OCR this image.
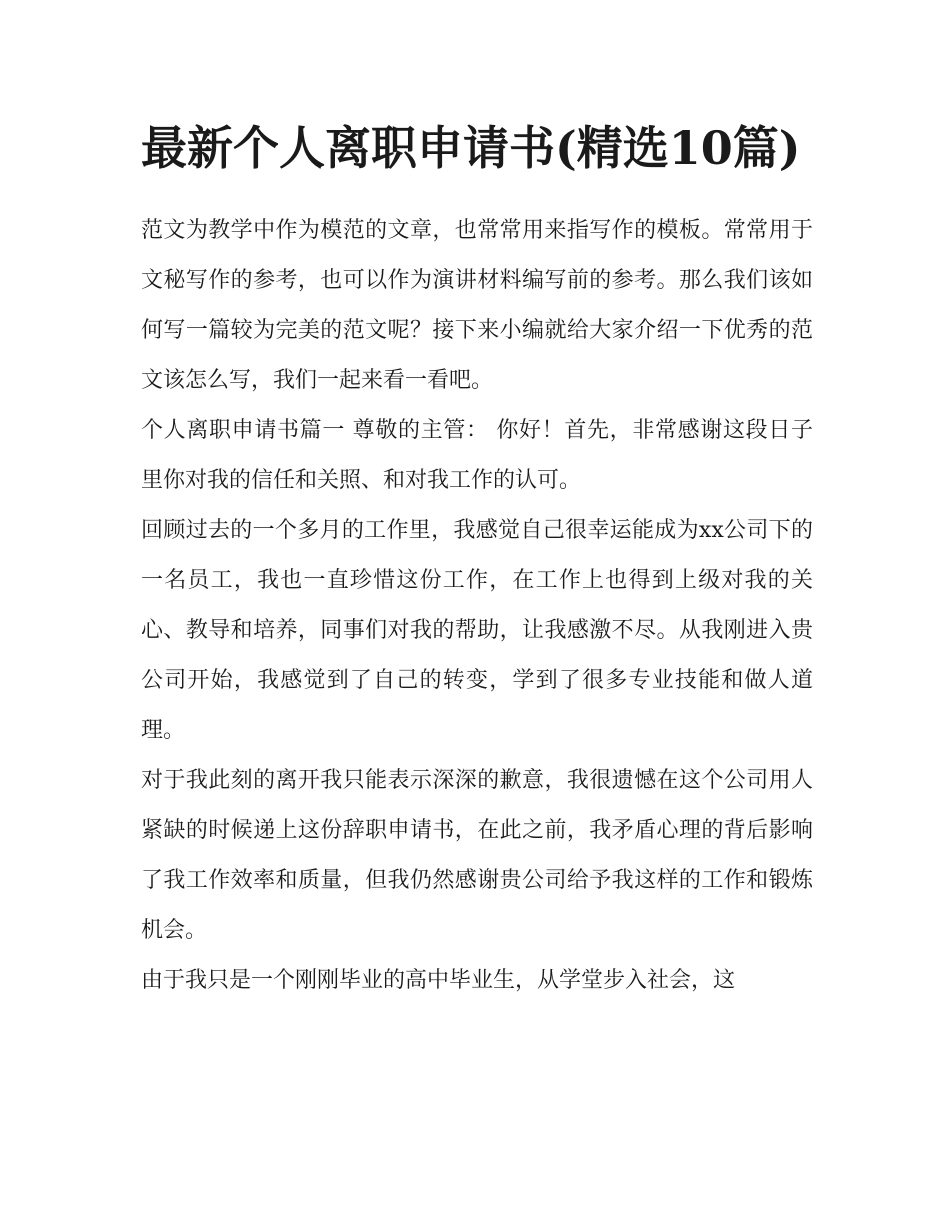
最新个人离职申请书(精选10篇)

范文为教学中作为模范的文章，也常常用来指写作的模板。常常用于文秘写作的参考，也可以作为演讲材料编写前的参考。那么我们该如何写一篇较为完美的范文呢？接下来小编就给大家介绍一下优秀的范文该怎么写，我们一起来看一看吧。

个人离职申请书篇一 尊敬的主管： 你好！首先，非常感谢这段日子里你对我的信任和关照、和对我工作的认可。

回顾过去的一个多月的工作里，我感觉自己很幸运能成为xx公司下的一名员工，我也一直珍惜这份工作，在工作上也得到上级对我的关心、教导和培养，同事们对我的帮助，让我感激不尽。从我刚进入贵公司开始，我感觉到了自己的转变，学到了很多专业技能和做人道理。

对于我此刻的离开我只能表示深深的歉意，我很遗憾在这个公司用人紧缺的时候递上这份辞职申请书，在此之前，我矛盾心理的背后影响了我工作效率和质量，但我仍然感谢贵公司给予我这样的工作和锻炼机会。

由于我只是一个刚刚毕业的高中毕业生，从学堂步入社会，这
